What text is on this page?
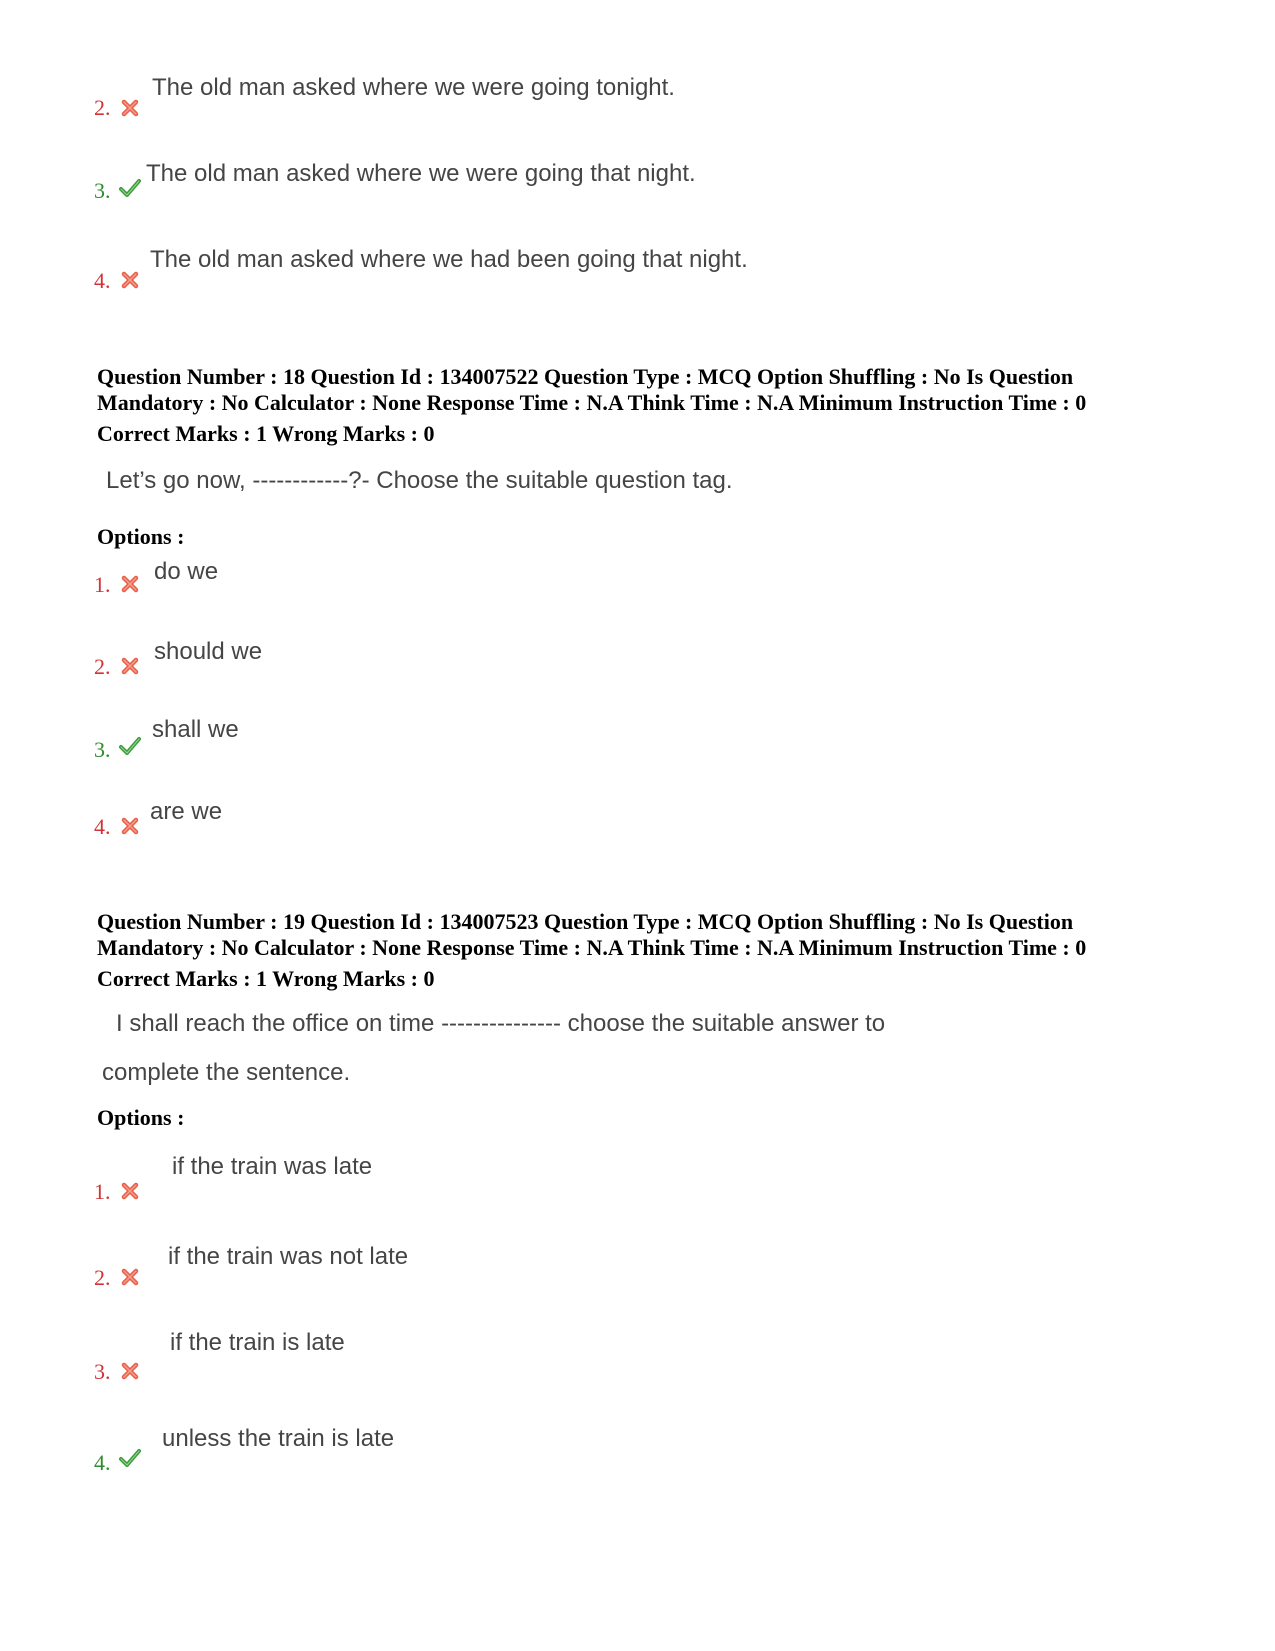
2.
The old man asked where we were going tonight.
3.
The old man asked where we were going that night.
4.
The old man asked where we had been going that night.
Question Number : 18 Question Id : 134007522 Question Type : MCQ Option Shuffling : No Is Question
Mandatory : No Calculator : None Response Time : N.A Think Time : N.A Minimum Instruction Time : 0
Correct Marks : 1 Wrong Marks : 0
Let’s go now, ------------?- Choose the suitable question tag.
Options :
1. do we
2.
should we
3.
shall we
4.
are we
Question Number : 19 Question Id : 134007523 Question Type : MCQ Option Shuffling : No Is Question
Mandatory : No Calculator : None Response Time : N.A Think Time : N.A Minimum Instruction Time : 0
Correct Marks : 1 Wrong Marks : 0
I shall reach the office on time --------------- choose the suitable answer to
complete the sentence.
Options :
1.
if the train was late
2.
if the train was not late
3.
if the train is late
4.
unless the train is late
